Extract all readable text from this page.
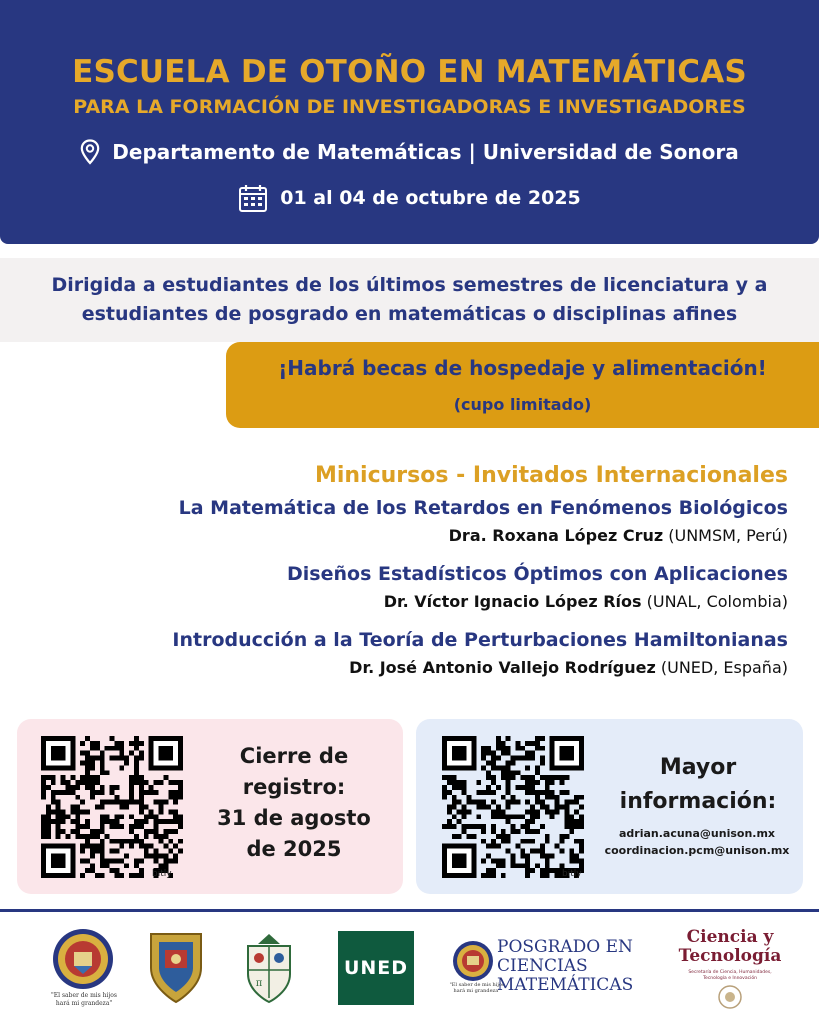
ESCUELA DE OTOÑO EN MATEMÁTICAS
PARA LA FORMACIÓN DE INVESTIGADORAS E INVESTIGADORES
Departamento de Matemáticas | Universidad de Sonora
01 al 04 de octubre de 2025
Dirigida a estudiantes de los últimos semestres de licenciatura y a
estudiantes de posgrado en matemáticas o disciplinas afines
¡Habrá becas de hospedaje y alimentación!
(cupo limitado)
Minicursos - Invitados Internacionales
La Matemática de los Retardos en Fenómenos Biológicos
Dra. Roxana López Cruz (UNMSM, Perú)
Diseños Estadísticos Óptimos con Aplicaciones
Dr. Víctor Ignacio López Ríos (UNAL, Colombia)
Introducción a la Teoría de Perturbaciones Hamiltonianas
Dr. José Antonio Vallejo Rodríguez (UNED, España)
bitly
Cierre de
registro:
31 de agosto
de 2025
bitly
Mayor
información:
adrian.acuna@unison.mx
coordinacion.pcm@unison.mx
"El saber de mis hijos
hará mi grandeza"
π
UNED
"El saber de mis hijos
hará mi grandeza"
POSGRADO EN
CIENCIAS
MATEMÁTICAS
Ciencia y
Tecnología
Secretaría de Ciencia, Humanidades, Tecnología e Innovación
